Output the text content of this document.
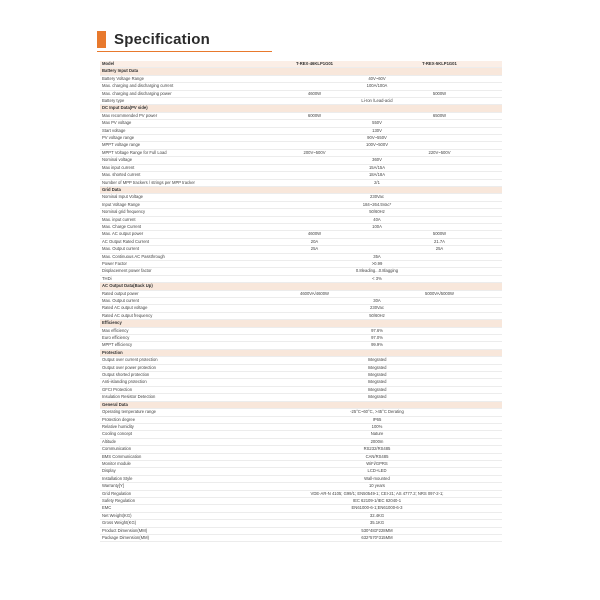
Specification
Model	T-REX-46KLP1G01	T-REX-5KLP1G01
Battery Input Data		
Battery Voltage Range	40V~60V	
Max. charging and discharging current	100A/100A	
Max. charging and discharging power	4600W	5000W
Battery type	Li-Ion /Lead-acid	
DC Input Data(PV side)		
Max recommended PV power	6000W	6500W
Max PV voltage	550V	
Start voltage	130V	
PV voltage range	90V~550V	
MPPT voltage range	100V~500V	
MPPT Voltage Range for Full Load	200V~500V	220V~500V
Nominal voltage	360V	
Max input current	15A/15A	
Max. shorted current	18A/18A	
Number of MPP trackers / strings per MPP tracker	2/1	
Grid Data		
Nominal Input Voltage	230Vac	
Input Voltage Range	184~264.5Vac*	
Nominal grid frequency	50/60Hz	
Max. input current	40A	
Max. Charge Current	100A	
Max. AC output power	4600W	5000W
AC Output Rated Current	20A	21.7A
Max. Output current	25A	25A
Max. Continuous AC Passthrough	35A	
Power Factor	>0.99	
Displacement power factor	0.8leading...0.8lagging	
THDi	< 3%	
AC Output Data(Back Up)		
Rated output power	4600VA/4600W	5000VA/5000W
Max. Output current	30A	
Rated AC output voltage	230Vac	
Rated AC output frequency	50/60Hz	
Efficiency		
Max efficiency	97.6%	
Euro efficiency	97.0%	
MPPT efficiency	99.9%	
Protection		
Output over current protection	Integrated	
Output over power protection	Integrated	
Output shorted protection	Integrated	
Anti-islanding protection	Integrated	
GFCI Protection	Integrated	
Insulation Resistor Detection	Integrated	
General Data		
Operating temperature range	-25°C~60°C, >45°C Derating	
Protection degree	IP65	
Relative humidity	100%	
Cooling concept	Nature	
Altitude	2000m	
Communication	RS232/RS485	
BMS Communication	CAN/RS485	
Monitor module	WiFi/GPRS	
Display	LCD+LED	
Installation Style	Wall-mounted	
Warranty[Y]	10 years	
Grid Regulation	VDE-AR-N 4105; G99/1; EN50549-1; CEI-21; AS 4777.2; NRS 097-2-1;	
Safety Regulation	IEC 62109-1/IEC 62040-1	
EMC	EN61000-6-1;EN61000-6-3	
Net Weight(KG)	32.4KG	
Gross Weight(KG)	35.1KG	
Product Dimension(MM)	530*483*228MM	
Package Dimension(MM)	632*570*315MM	
